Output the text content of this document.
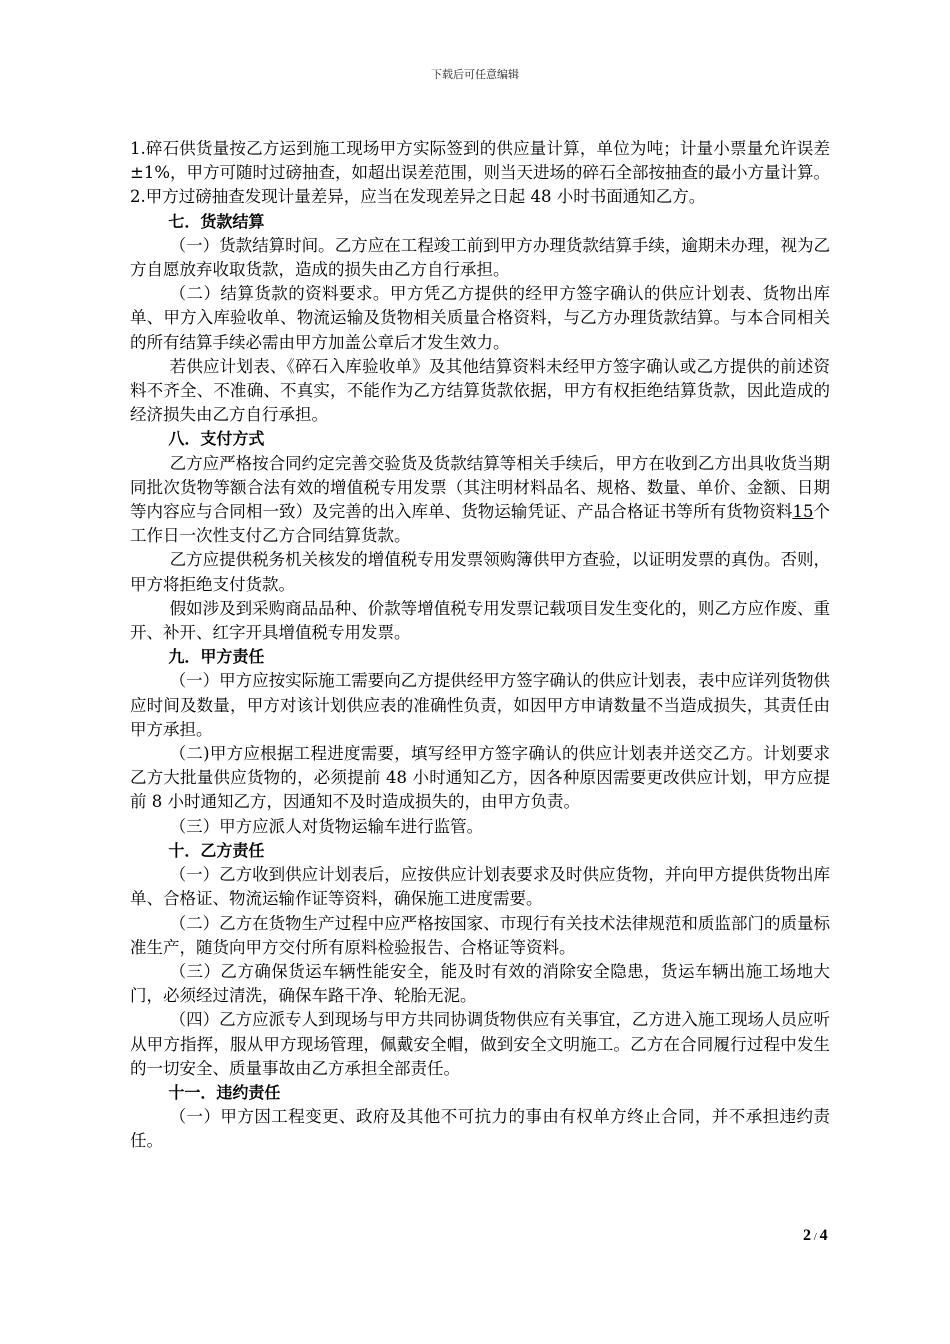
下载后可任意编辑

1.碎石供货量按乙方运到施工现场甲方实际签到的供应量计算，单位为吨；计量小票量允许误差±1%，甲方可随时过磅抽查，如超出误差范围，则当天进场的碎石全部按抽查的最小方量计算。

2.甲方过磅抽查发现计量差异，应当在发现差异之日起 48 小时书面通知乙方。

七．货款结算

（一）货款结算时间。乙方应在工程竣工前到甲方办理货款结算手续，逾期未办理，视为乙方自愿放弃收取货款，造成的损失由乙方自行承担。

（二）结算货款的资料要求。甲方凭乙方提供的经甲方签字确认的供应计划表、货物出库单、甲方入库验收单、物流运输及货物相关质量合格资料，与乙方办理货款结算。与本合同相关的所有结算手续必需由甲方加盖公章后才发生效力。

若供应计划表、《碎石入库验收单》及其他结算资料未经甲方签字确认或乙方提供的前述资料不齐全、不准确、不真实，不能作为乙方结算货款依据，甲方有权拒绝结算货款，因此造成的经济损失由乙方自行承担。

八．支付方式

乙方应严格按合同约定完善交验货及货款结算等相关手续后，甲方在收到乙方出具收货当期同批次货物等额合法有效的增值税专用发票（其注明材料品名、规格、数量、单价、金额、日期等内容应与合同相一致）及完善的出入库单、货物运输凭证、产品合格证书等所有货物资料15个工作日一次性支付乙方合同结算货款。

乙方应提供税务机关核发的增值税专用发票领购簿供甲方查验，以证明发票的真伪。否则，甲方将拒绝支付货款。

假如涉及到采购商品品种、价款等增值税专用发票记载项目发生变化的，则乙方应作废、重开、补开、红字开具增值税专用发票。

九．甲方责任

（一）甲方应按实际施工需要向乙方提供经甲方签字确认的供应计划表，表中应详列货物供应时间及数量，甲方对该计划供应表的准确性负责，如因甲方申请数量不当造成损失，其责任由甲方承担。

（二)甲方应根据工程进度需要，填写经甲方签字确认的供应计划表并送交乙方。计划要求乙方大批量供应货物的，必须提前 48 小时通知乙方，因各种原因需要更改供应计划，甲方应提前 8 小时通知乙方，因通知不及时造成损失的，由甲方负责。

（三）甲方应派人对货物运输车进行监管。

十．乙方责任

（一）乙方收到供应计划表后，应按供应计划表要求及时供应货物，并向甲方提供货物出库单、合格证、物流运输作证等资料，确保施工进度需要。

（二）乙方在货物生产过程中应严格按国家、市现行有关技术法律规范和质监部门的质量标准生产，随货向甲方交付所有原料检验报告、合格证等资料。

（三）乙方确保货运车辆性能安全，能及时有效的消除安全隐患，货运车辆出施工场地大门，必须经过清洗，确保车路干净、轮胎无泥。

（四）乙方应派专人到现场与甲方共同协调货物供应有关事宜，乙方进入施工现场人员应听从甲方指挥，服从甲方现场管理，佩戴安全帽，做到安全文明施工。乙方在合同履行过程中发生的一切安全、质量事故由乙方承担全部责任。

十一．违约责任

（一）甲方因工程变更、政府及其他不可抗力的事由有权单方终止合同，并不承担违约责任。

2 / 4
